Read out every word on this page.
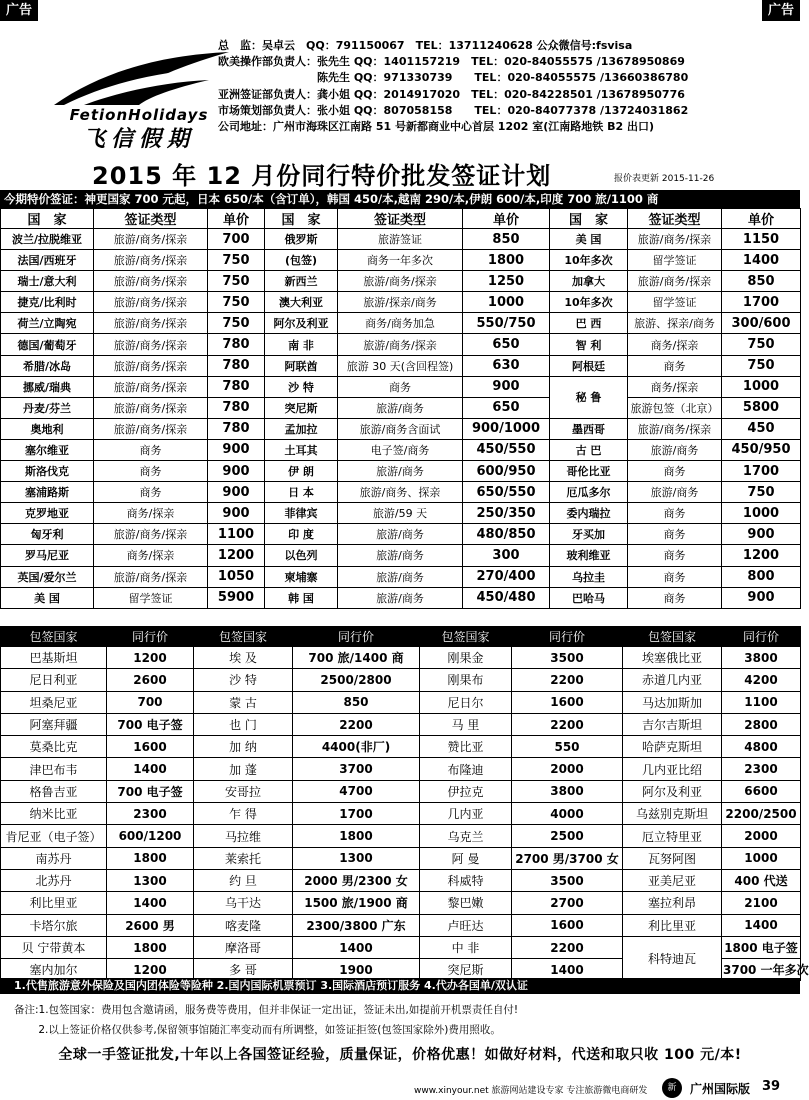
广告	广告
FetionHolidays
飞信假期
总　监：吴卓云　QQ：791150067　TEL：13711240628 公众微信号:fsvisa
欧美操作部负责人：张先生 QQ：1401157219　TEL：020-84055575 /13678950869
　　　　　　　　　陈先生 QQ：971330739　　TEL：020-84055575 /13660386780
亚洲签证部负责人：龚小姐 QQ：2014917020　TEL：020-84228501 /13678950776
市场策划部负责人：张小姐 QQ：807058158　　TEL：020-84077378 /13724031862
公司地址：广州市海珠区江南路 51 号新都商业中心首层 1202 室(江南路地铁 B2 出口)
2015 年 12 月份同行特价批发签证计划	报价表更新 2015-11-26
今期特价签证：神更国家 700 元起，日本 650/本（含订单），韩国 450/本,越南 290/本,伊朗 600/本,印度 700 旅/1100 商
国　家	签证类型	单价	国　家	签证类型	单价	国　家	签证类型	单价
波兰/拉脱维亚	旅游/商务/探亲	700	俄罗斯	旅游签证	850	美 国	旅游/商务/探亲	1150
法国/西班牙	旅游/商务/探亲	750	(包签)	商务一年多次	1800	10年多次	留学签证	1400
瑞士/意大利	旅游/商务/探亲	750	新西兰	旅游/商务/探亲	1250	加拿大	旅游/商务/探亲	850
捷克/比利时	旅游/商务/探亲	750	澳大利亚	旅游/探亲/商务	1000	10年多次	留学签证	1700
荷兰/立陶宛	旅游/商务/探亲	750	阿尔及利亚	商务/商务加急	550/750	巴 西	旅游、探亲/商务	300/600
德国/葡萄牙	旅游/商务/探亲	780	南 非	旅游/商务/探亲	650	智 利	商务/探亲	750
希腊/冰岛	旅游/商务/探亲	780	阿联酋	旅游 30 天(含回程签)	630	阿根廷	商务	750
挪威/瑞典	旅游/商务/探亲	780	沙 特	商务	900	秘 鲁	商务/探亲	1000
丹麦/芬兰	旅游/商务/探亲	780	突尼斯	旅游/商务	650		旅游包签（北京）	5800
奥地利	旅游/商务/探亲	780	孟加拉	旅游/商务含面试	900/1000	墨西哥	旅游/商务/探亲	450
塞尔维亚	商务	900	土耳其	电子签/商务	450/550	古 巴	旅游/商务	450/950
斯洛伐克	商务	900	伊 朗	旅游/商务	600/950	哥伦比亚	商务	1700
塞浦路斯	商务	900	日 本	旅游/商务、探亲	650/550	厄瓜多尔	旅游/商务	750
克罗地亚	商务/探亲	900	菲律宾	旅游/59 天	250/350	委内瑞拉	商务	1000
匈牙利	旅游/商务/探亲	1100	印 度	旅游/商务	480/850	牙买加	商务	900
罗马尼亚	商务/探亲	1200	以色列	旅游/商务	300	玻利维亚	商务	1200
英国/爱尔兰	旅游/商务/探亲	1050	柬埔寨	旅游/商务	270/400	乌拉圭	商务	800
美 国	留学签证	5900	韩 国	旅游/商务	450/480	巴哈马	商务	900
包签国家	同行价	包签国家	同行价	包签国家	同行价	包签国家	同行价
巴基斯坦	1200	埃 及	700 旅/1400 商	刚果金	3500	埃塞俄比亚	3800
尼日利亚	2600	沙 特	2500/2800	刚果布	2200	赤道几内亚	4200
坦桑尼亚	700	蒙 古	850	尼日尔	1600	马达加斯加	1100
阿塞拜疆	700 电子签	也 门	2200	马 里	2200	吉尔吉斯坦	2800
莫桑比克	1600	加 纳	4400(非厂)	赞比亚	550	哈萨克斯坦	4800
津巴布韦	1400	加 蓬	3700	布隆迪	2000	几内亚比绍	2300
格鲁吉亚	700 电子签	安哥拉	4700	伊拉克	3800	阿尔及利亚	6600
纳米比亚	2300	乍 得	1700	几内亚	4000	乌兹别克斯坦	2200/2500
肯尼亚（电子签）	600/1200	马拉维	1800	乌克兰	2500	厄立特里亚	2000
南苏丹	1800	莱索托	1300	阿 曼	2700 男/3700 女	瓦努阿图	1000
北苏丹	1300	约 旦	2000 男/2300 女	科威特	3500	亚美尼亚	400 代送
利比里亚	1400	乌干达	1500 旅/1900 商	黎巴嫩	2700	塞拉利昂	2100
卡塔尔旅	2600 男	喀麦隆	2300/3800 广东	卢旺达	1600	利比里亚	1400
贝 宁带黄本	1800	摩洛哥	1400	中 非	2200	科特迪瓦	1800 电子签
塞内加尔	1200	多 哥	1900	突尼斯	1400		3700 一年多次
1.代售旅游意外保险及国内团体险等险种 2.国内国际机票预订 3.国际酒店预订服务 4.代办各国单/双认证
备注:1.包签国家：费用包含邀请函，服务费等费用，但并非保证一定出证，签证未出,如提前开机票责任自付!
　　 2.以上签证价格仅供参考,保留领事馆随汇率变动而有所调整，如签证拒签(包签国家除外)费用照收。
全球一手签证批发,十年以上各国签证经验，质量保证，价格优惠！如做好材料，代送和取只收 100 元/本!
www.xinyour.net 旅游网站建设专家 专注旅游微电商研发	新	广州国际版 39
